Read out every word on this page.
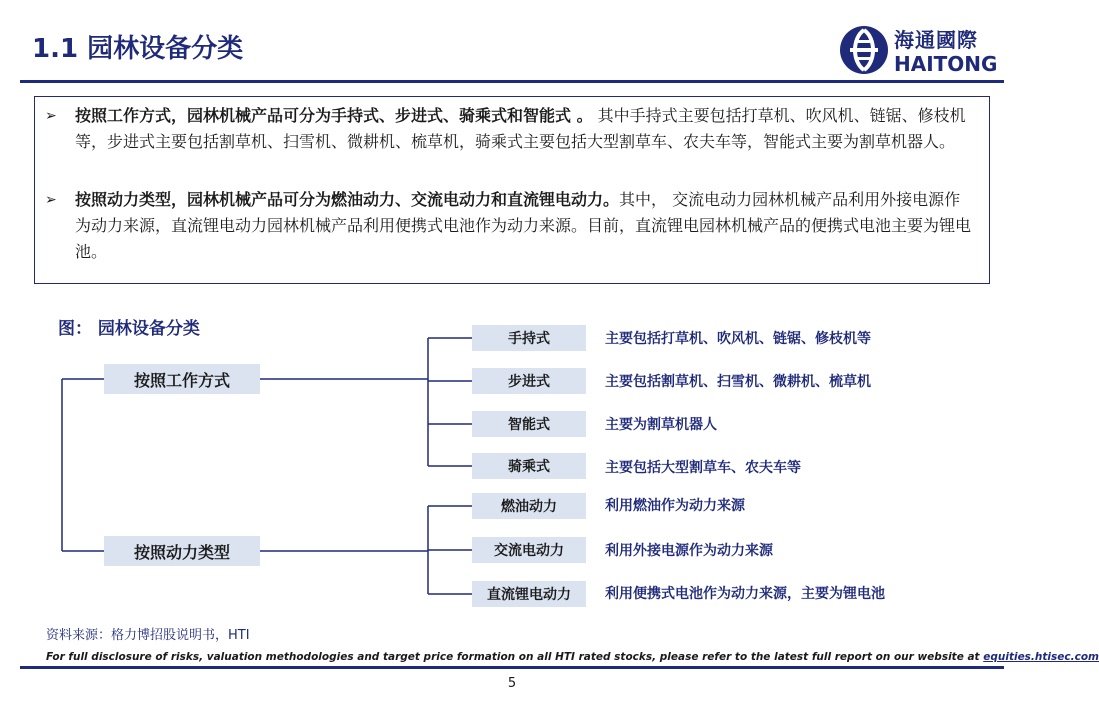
1.1 园林设备分类	海通國際
HAITONG
➢ 按照工作方式，园林机械产品可分为手持式、步进式、骑乘式和智能式 。 其中手持式主要包括打草机、吹风机、链锯、修枝机等，步进式主要包括割草机、扫雪机、微耕机、梳草机，骑乘式主要包括大型割草车、农夫车等，智能式主要为割草机器人。
➢ 按照动力类型，园林机械产品可分为燃油动力、交流电动力和直流锂电动力。其中， 交流电动力园林机械产品利用外接电源作为动力来源，直流锂电动力园林机械产品利用便携式电池作为动力来源。目前，直流锂电园林机械产品的便携式电池主要为锂电池。
图： 园林设备分类
按照工作方式
按照动力类型
手持式
步进式
智能式
骑乘式
燃油动力
交流电动力
直流锂电动力
主要包括打草机、吹风机、链锯、修枝机等
主要包括割草机、扫雪机、微耕机、梳草机
主要为割草机器人
主要包括大型割草车、农夫车等
利用燃油作为动力来源
利用外接电源作为动力来源
利用便携式电池作为动力来源，主要为锂电池
资料来源：格力博招股说明书，HTI
For full disclosure of risks, valuation methodologies and target price formation on all HTI rated stocks, please refer to the latest full report on our website at equities.htisec.com
5
